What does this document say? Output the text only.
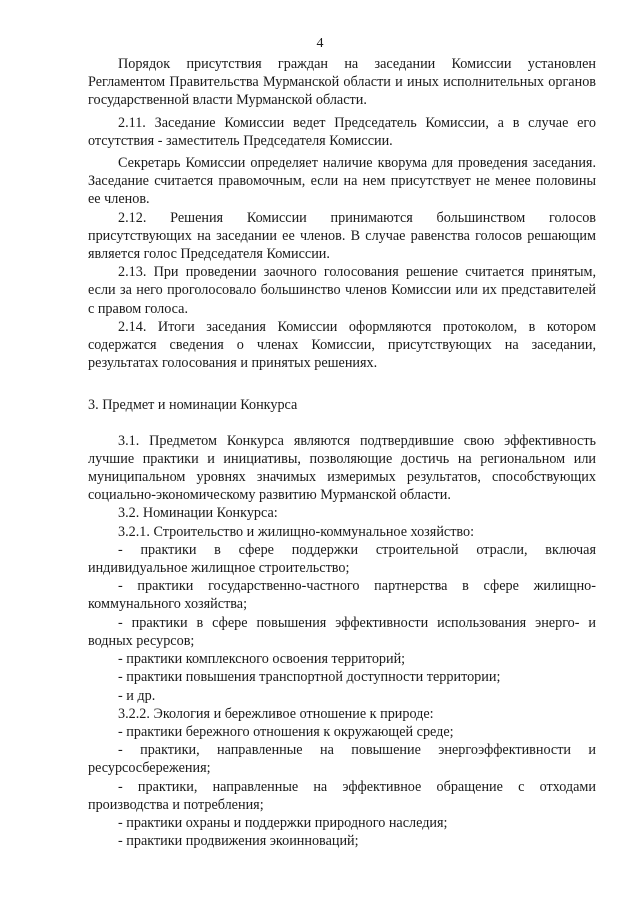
4

Порядок присутствия граждан на заседании Комиссии установлен Регламентом Правительства Мурманской области и иных исполнительных органов государственной власти Мурманской области.

2.11. Заседание Комиссии ведет Председатель Комиссии, а в случае его отсутствия - заместитель Председателя Комиссии.

Секретарь Комиссии определяет наличие кворума для проведения заседания. Заседание считается правомочным, если на нем присутствует не менее половины ее членов.

2.12. Решения Комиссии принимаются большинством голосов присутствующих на заседании ее членов. В случае равенства голосов решающим является голос Председателя Комиссии.

2.13. При проведении заочного голосования решение считается принятым, если за него проголосовало большинство членов Комиссии или их представителей с правом голоса.

2.14. Итоги заседания Комиссии оформляются протоколом, в котором содержатся сведения о членах Комиссии, присутствующих на заседании, результатах голосования и принятых решениях.

3. Предмет и номинации Конкурса

3.1. Предметом Конкурса являются подтвердившие свою эффективность лучшие практики и инициативы, позволяющие достичь на региональном или муниципальном уровнях значимых измеримых результатов, способствующих социально-экономическому развитию Мурманской области.

3.2. Номинации Конкурса:

3.2.1. Строительство и жилищно-коммунальное хозяйство:

- практики в сфере поддержки строительной отрасли, включая индивидуальное жилищное строительство;

- практики государственно-частного партнерства в сфере жилищно-коммунального хозяйства;

- практики в сфере повышения эффективности использования энерго- и водных ресурсов;

- практики комплексного освоения территорий;

- практики повышения транспортной доступности территории;

- и др.

3.2.2. Экология и бережливое отношение к природе:

- практики бережного отношения к окружающей среде;

- практики, направленные на повышение энергоэффективности и ресурсосбережения;

- практики, направленные на эффективное обращение с отходами производства и потребления;

- практики охраны и поддержки природного наследия;

- практики продвижения экоинноваций;
